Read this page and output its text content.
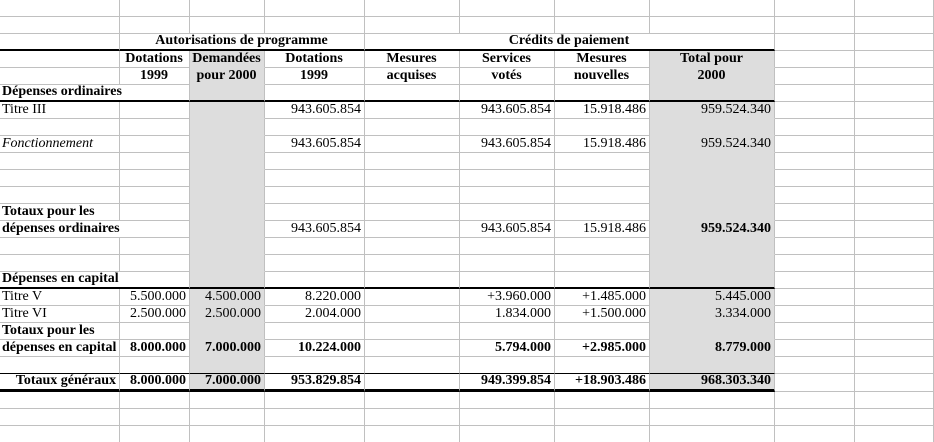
	Autorisations de programme			Crédits de paiement					
	Dotations	Demandées	Dotations	Mesures	Services	Mesures	Total pour		
	1999	pour 2000	1999	acquises	votés	nouvelles	2000		
Dépenses ordinaires									
Titre III			943.605.854		943.605.854	15.918.486	959.524.340		

Fonctionnement			943.605.854		943.605.854	15.918.486	959.524.340		

Totaux pour les									
dépenses ordinaires			943.605.854		943.605.854	15.918.486	959.524.340		

Dépenses en capital									
Titre V	5.500.000	4.500.000	8.220.000		+3.960.000	+1.485.000	5.445.000		
Titre VI	2.500.000	2.500.000	2.004.000		1.834.000	+1.500.000	3.334.000		
Totaux pour les									
dépenses en capital	8.000.000	7.000.000	10.224.000		5.794.000	+2.985.000	8.779.000		

Totaux généraux	8.000.000	7.000.000	953.829.854		949.399.854	+18.903.486	968.303.340		
